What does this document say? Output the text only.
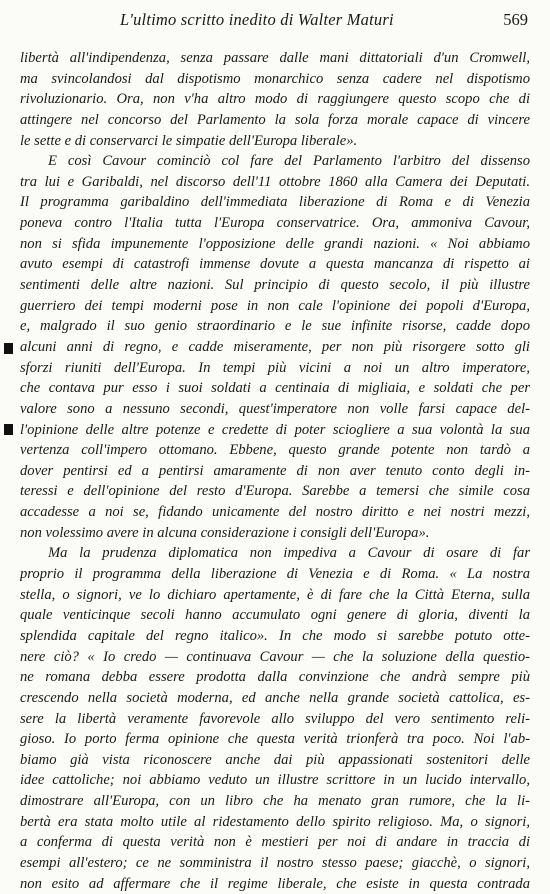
L'ultimo scritto inedito di Walter Maturi	569
libertà all'indipendenza, senza passare dalle mani dittatoriali d'un Cromwell,
ma svincolandosi dal dispotismo monarchico senza cadere nel dispotismo
rivoluzionario. Ora, non v'ha altro modo di raggiungere questo scopo che di
attingere nel concorso del Parlamento la sola forza morale capace di vincere
le sette e di conservarci le simpatie dell'Europa liberale».
E così Cavour cominciò col fare del Parlamento l'arbitro del dissenso
tra lui e Garibaldi, nel discorso dell'11 ottobre 1860 alla Camera dei Deputati.
Il programma garibaldino dell'immediata liberazione di Roma e di Venezia
poneva contro l'Italia tutta l'Europa conservatrice. Ora, ammoniva Cavour,
non si sfida impunemente l'opposizione delle grandi nazioni. « Noi abbiamo
avuto esempi di catastrofi immense dovute a questa mancanza di rispetto ai
sentimenti delle altre nazioni. Sul principio di questo secolo, il più illustre
guerriero dei tempi moderni pose in non cale l'opinione dei popoli d'Europa,
e, malgrado il suo genio straordinario e le sue infinite risorse, cadde dopo
alcuni anni di regno, e cadde miseramente, per non più risorgere sotto gli
sforzi riuniti dell'Europa. In tempi più vicini a noi un altro imperatore,
che contava pur esso i suoi soldati a centinaia di migliaia, e soldati che per
valore sono a nessuno secondi, quest'imperatore non volle farsi capace del-
l'opinione delle altre potenze e credette di poter sciogliere a sua volontà la sua
vertenza coll'impero ottomano. Ebbene, questo grande potente non tardò a
dover pentirsi ed a pentirsi amaramente di non aver tenuto conto degli in-
teressi e dell'opinione del resto d'Europa. Sarebbe a temersi che simile cosa
accadesse a noi se, fidando unicamente del nostro diritto e nei nostri mezzi,
non volessimo avere in alcuna considerazione i consigli dell'Europa».
Ma la prudenza diplomatica non impediva a Cavour di osare di far
proprio il programma della liberazione di Venezia e di Roma. « La nostra
stella, o signori, ve lo dichiaro apertamente, è di fare che la Città Eterna, sulla
quale venticinque secoli hanno accumulato ogni genere di gloria, diventi la
splendida capitale del regno italico». In che modo si sarebbe potuto otte-
nere ciò? « Io credo — continuava Cavour — che la soluzione della questio-
ne romana debba essere prodotta dalla convinzione che andrà sempre più
crescendo nella società moderna, ed anche nella grande società cattolica, es-
sere la libertà veramente favorevole allo sviluppo del vero sentimento reli-
gioso. Io porto ferma opinione che questa verità trionferà tra poco. Noi l'ab-
biamo già vista riconoscere anche dai più appassionati sostenitori delle
idee cattoliche; noi abbiamo veduto un illustre scrittore in un lucido intervallo,
dimostrare all'Europa, con un libro che ha menato gran rumore, che la li-
bertà era stata molto utile al ridestamento dello spirito religioso. Ma, o signori,
a conferma di questa verità non è mestieri per noi di andare in traccia di
esempi all'estero; ce ne somministra il nostro stesso paese; giacchè, o signori,
non esito ad affermare che il regime liberale, che esiste in questa contrada
